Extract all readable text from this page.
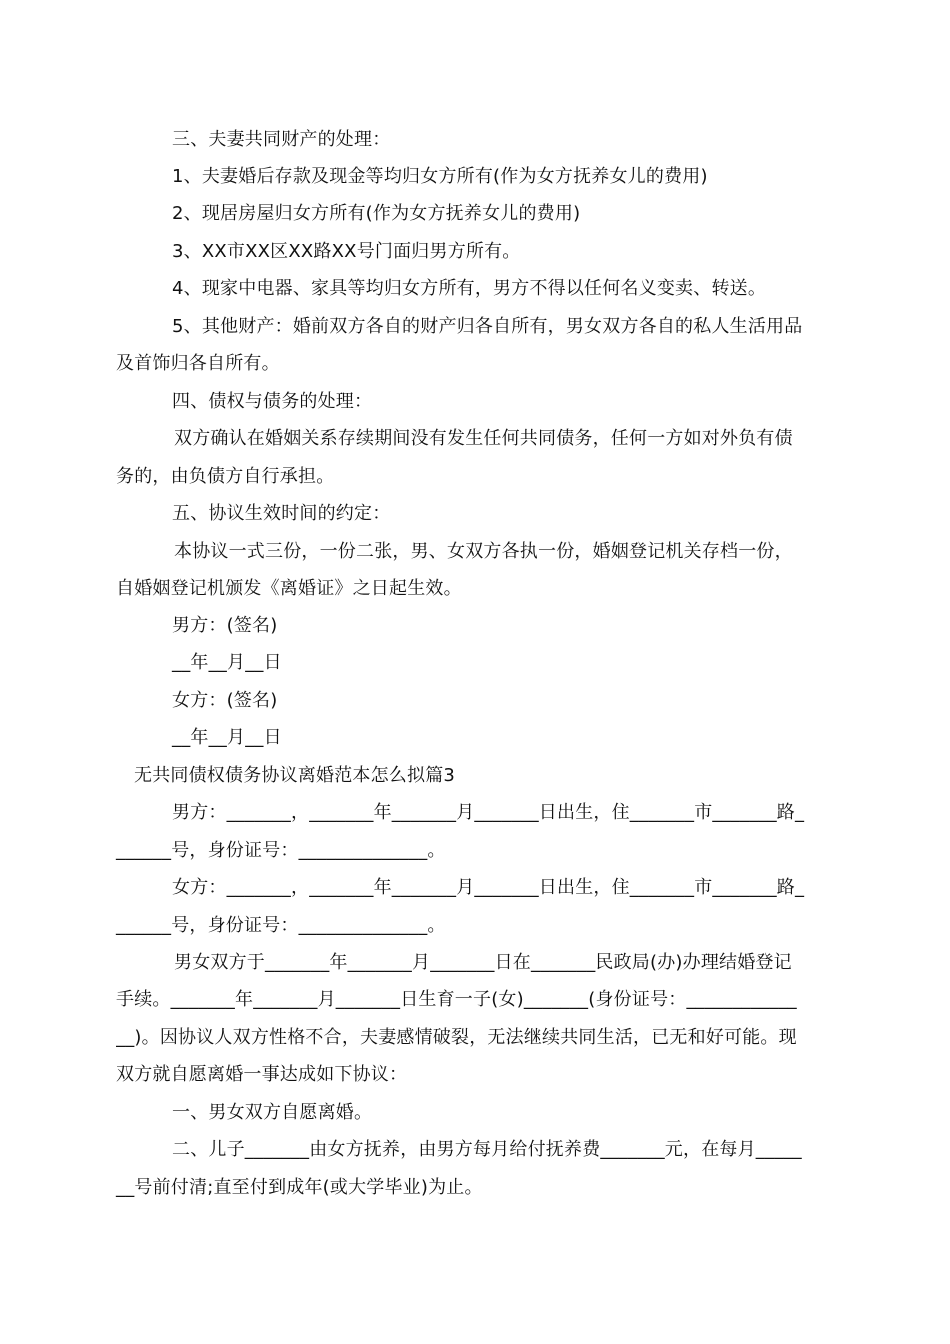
三、夫妻共同财产的处理：
1、夫妻婚后存款及现金等均归女方所有(作为女方抚养女儿的费用)
2、现居房屋归女方所有(作为女方抚养女儿的费用)
3、XX市XX区XX路XX号门面归男方所有。
4、现家中电器、家具等均归女方所有，男方不得以任何名义变卖、转送。
5、其他财产：婚前双方各自的财产归各自所有，男女双方各自的私人生活用品
及首饰归各自所有。
四、债权与债务的处理：
双方确认在婚姻关系存续期间没有发生任何共同债务，任何一方如对外负有债
务的，由负债方自行承担。
五、协议生效时间的约定：
本协议一式三份，一份二张，男、女双方各执一份，婚姻登记机关存档一份，
自婚姻登记机颁发《离婚证》之日起生效。
男方：(签名)
__年__月__日
女方：(签名)
__年__月__日
无共同债权债务协议离婚范本怎么拟篇3
男方：_______，_______年_______月_______日出生，住_______市_______路_
______号，身份证号：______________。
女方：_______，_______年_______月_______日出生，住_______市_______路_
______号，身份证号：______________。
男女双方于_______年_______月_______日在_______民政局(办)办理结婚登记
手续。_______年_______月_______日生育一子(女)_______(身份证号：____________
__)。因协议人双方性格不合，夫妻感情破裂，无法继续共同生活，已无和好可能。现
双方就自愿离婚一事达成如下协议：
一、男女双方自愿离婚。
二、儿子_______由女方抚养，由男方每月给付抚养费_______元，在每月_____
__号前付清;直至付到成年(或大学毕业)为止。
